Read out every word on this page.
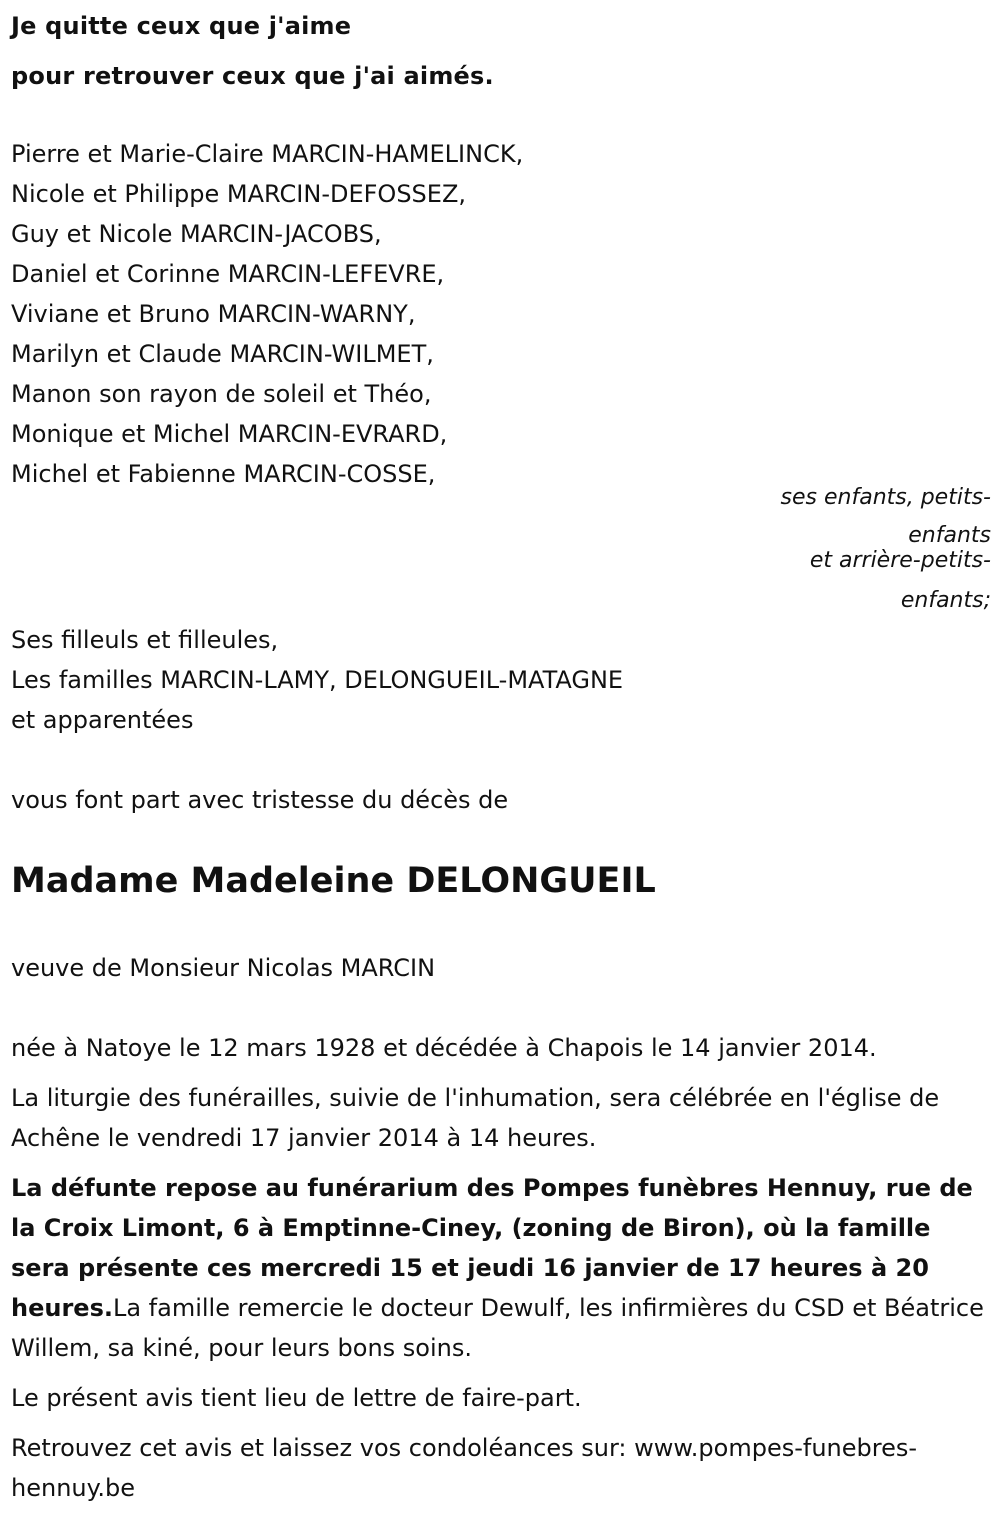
Je quitte ceux que j'aime

pour retrouver ceux que j'ai aimés.

Pierre et Marie-Claire MARCIN-HAMELINCK,

Nicole et Philippe MARCIN-DEFOSSEZ,

Guy et Nicole MARCIN-JACOBS,

Daniel et Corinne MARCIN-LEFEVRE,

Viviane et Bruno MARCIN-WARNY,

Marilyn et Claude MARCIN-WILMET,

Manon son rayon de soleil et Théo,

Monique et Michel MARCIN-EVRARD,

Michel et Fabienne MARCIN-COSSE,

ses enfants, petits-

enfants

et arrière-petits-

enfants;

Ses filleuls et filleules,

Les familles MARCIN-LAMY, DELONGUEIL-MATAGNE

et apparentées

vous font part avec tristesse du décès de

Madame Madeleine DELONGUEIL

veuve de Monsieur Nicolas MARCIN

née à Natoye le 12 mars 1928 et décédée à Chapois le 14 janvier 2014.

La liturgie des funérailles, suivie de l'inhumation, sera célébrée en l'église de Achêne le vendredi 17 janvier 2014 à 14 heures.

La défunte repose au funérarium des Pompes funèbres Hennuy, rue de la Croix Limont, 6 à Emptinne-Ciney, (zoning de Biron), où la famille sera présente ces mercredi 15 et jeudi 16 janvier de 17 heures à 20 heures.La famille remercie le docteur Dewulf, les infirmières du CSD et Béatrice Willem, sa kiné, pour leurs bons soins.

Le présent avis tient lieu de lettre de faire-part.

Retrouvez cet avis et laissez vos condoléances sur: www.pompes-funebres-hennuy.be
